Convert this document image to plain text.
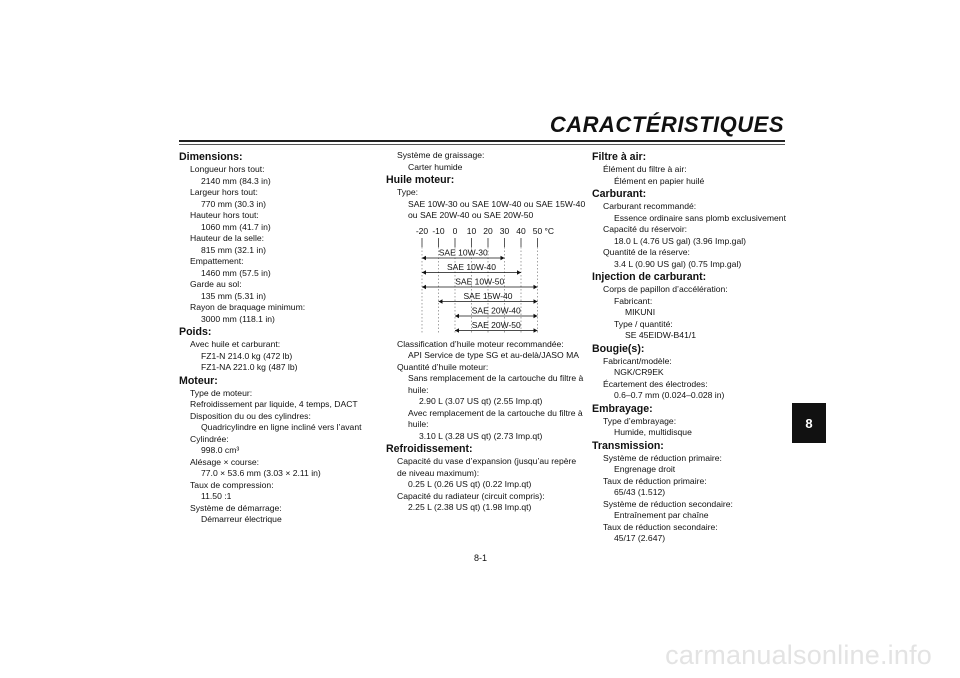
CARACTÉRISTIQUES
Dimensions:
Longueur hors tout:
2140 mm (84.3 in)
Largeur hors tout:
770 mm (30.3 in)
Hauteur hors tout:
1060 mm (41.7 in)
Hauteur de la selle:
815 mm (32.1 in)
Empattement:
1460 mm (57.5 in)
Garde au sol:
135 mm (5.31 in)
Rayon de braquage minimum:
3000 mm (118.1 in)
Poids:
Avec huile et carburant:
FZ1-N 214.0 kg (472 lb)
FZ1-NA 221.0 kg (487 lb)
Moteur:
Type de moteur:
Refroidissement par liquide, 4 temps, DACT
Disposition du ou des cylindres:
Quadricylindre en ligne incliné vers l’avant
Cylindrée:
998.0 cm³
Alésage × course:
77.0 × 53.6 mm (3.03 × 2.11 in)
Taux de compression:
11.50 :1
Système de démarrage:
Démarreur électrique
Système de graissage:
Carter humide
Huile moteur:
Type:
SAE 10W-30 ou SAE 10W-40 ou SAE 15W-40 ou SAE 20W-40 ou SAE 20W-50
-20 -10 0 10 20 30 40 50 °C
SAE 10W-30
SAE 10W-40
SAE 10W-50
SAE 15W-40
SAE 20W-40
SAE 20W-50
Classification d’huile moteur recommandée:
API Service de type SG et au-delà/JASO MA
Quantité d’huile moteur:
Sans remplacement de la cartouche du filtre à huile:
2.90 L (3.07 US qt) (2.55 Imp.qt)
Avec remplacement de la cartouche du filtre à huile:
3.10 L (3.28 US qt) (2.73 Imp.qt)
Refroidissement:
Capacité du vase d’expansion (jusqu’au repère de niveau maximum):
0.25 L (0.26 US qt) (0.22 Imp.qt)
Capacité du radiateur (circuit compris):
2.25 L (2.38 US qt) (1.98 Imp.qt)
Filtre à air:
Élément du filtre à air:
Élément en papier huilé
Carburant:
Carburant recommandé:
Essence ordinaire sans plomb exclusivement
Capacité du réservoir:
18.0 L (4.76 US gal) (3.96 Imp.gal)
Quantité de la réserve:
3.4 L (0.90 US gal) (0.75 Imp.gal)
Injection de carburant:
Corps de papillon d’accélération:
Fabricant:
MIKUNI
Type / quantité:
SE 45EIDW-B41/1
Bougie(s):
Fabricant/modèle:
NGK/CR9EK
Écartement des électrodes:
0.6–0.7 mm (0.024–0.028 in)
Embrayage:
Type d’embrayage:
Humide, multidisque
Transmission:
Système de réduction primaire:
Engrenage droit
Taux de réduction primaire:
65/43 (1.512)
Système de réduction secondaire:
Entraînement par chaîne
Taux de réduction secondaire:
45/17 (2.647)
8
8-1
carmanualsonline.info
